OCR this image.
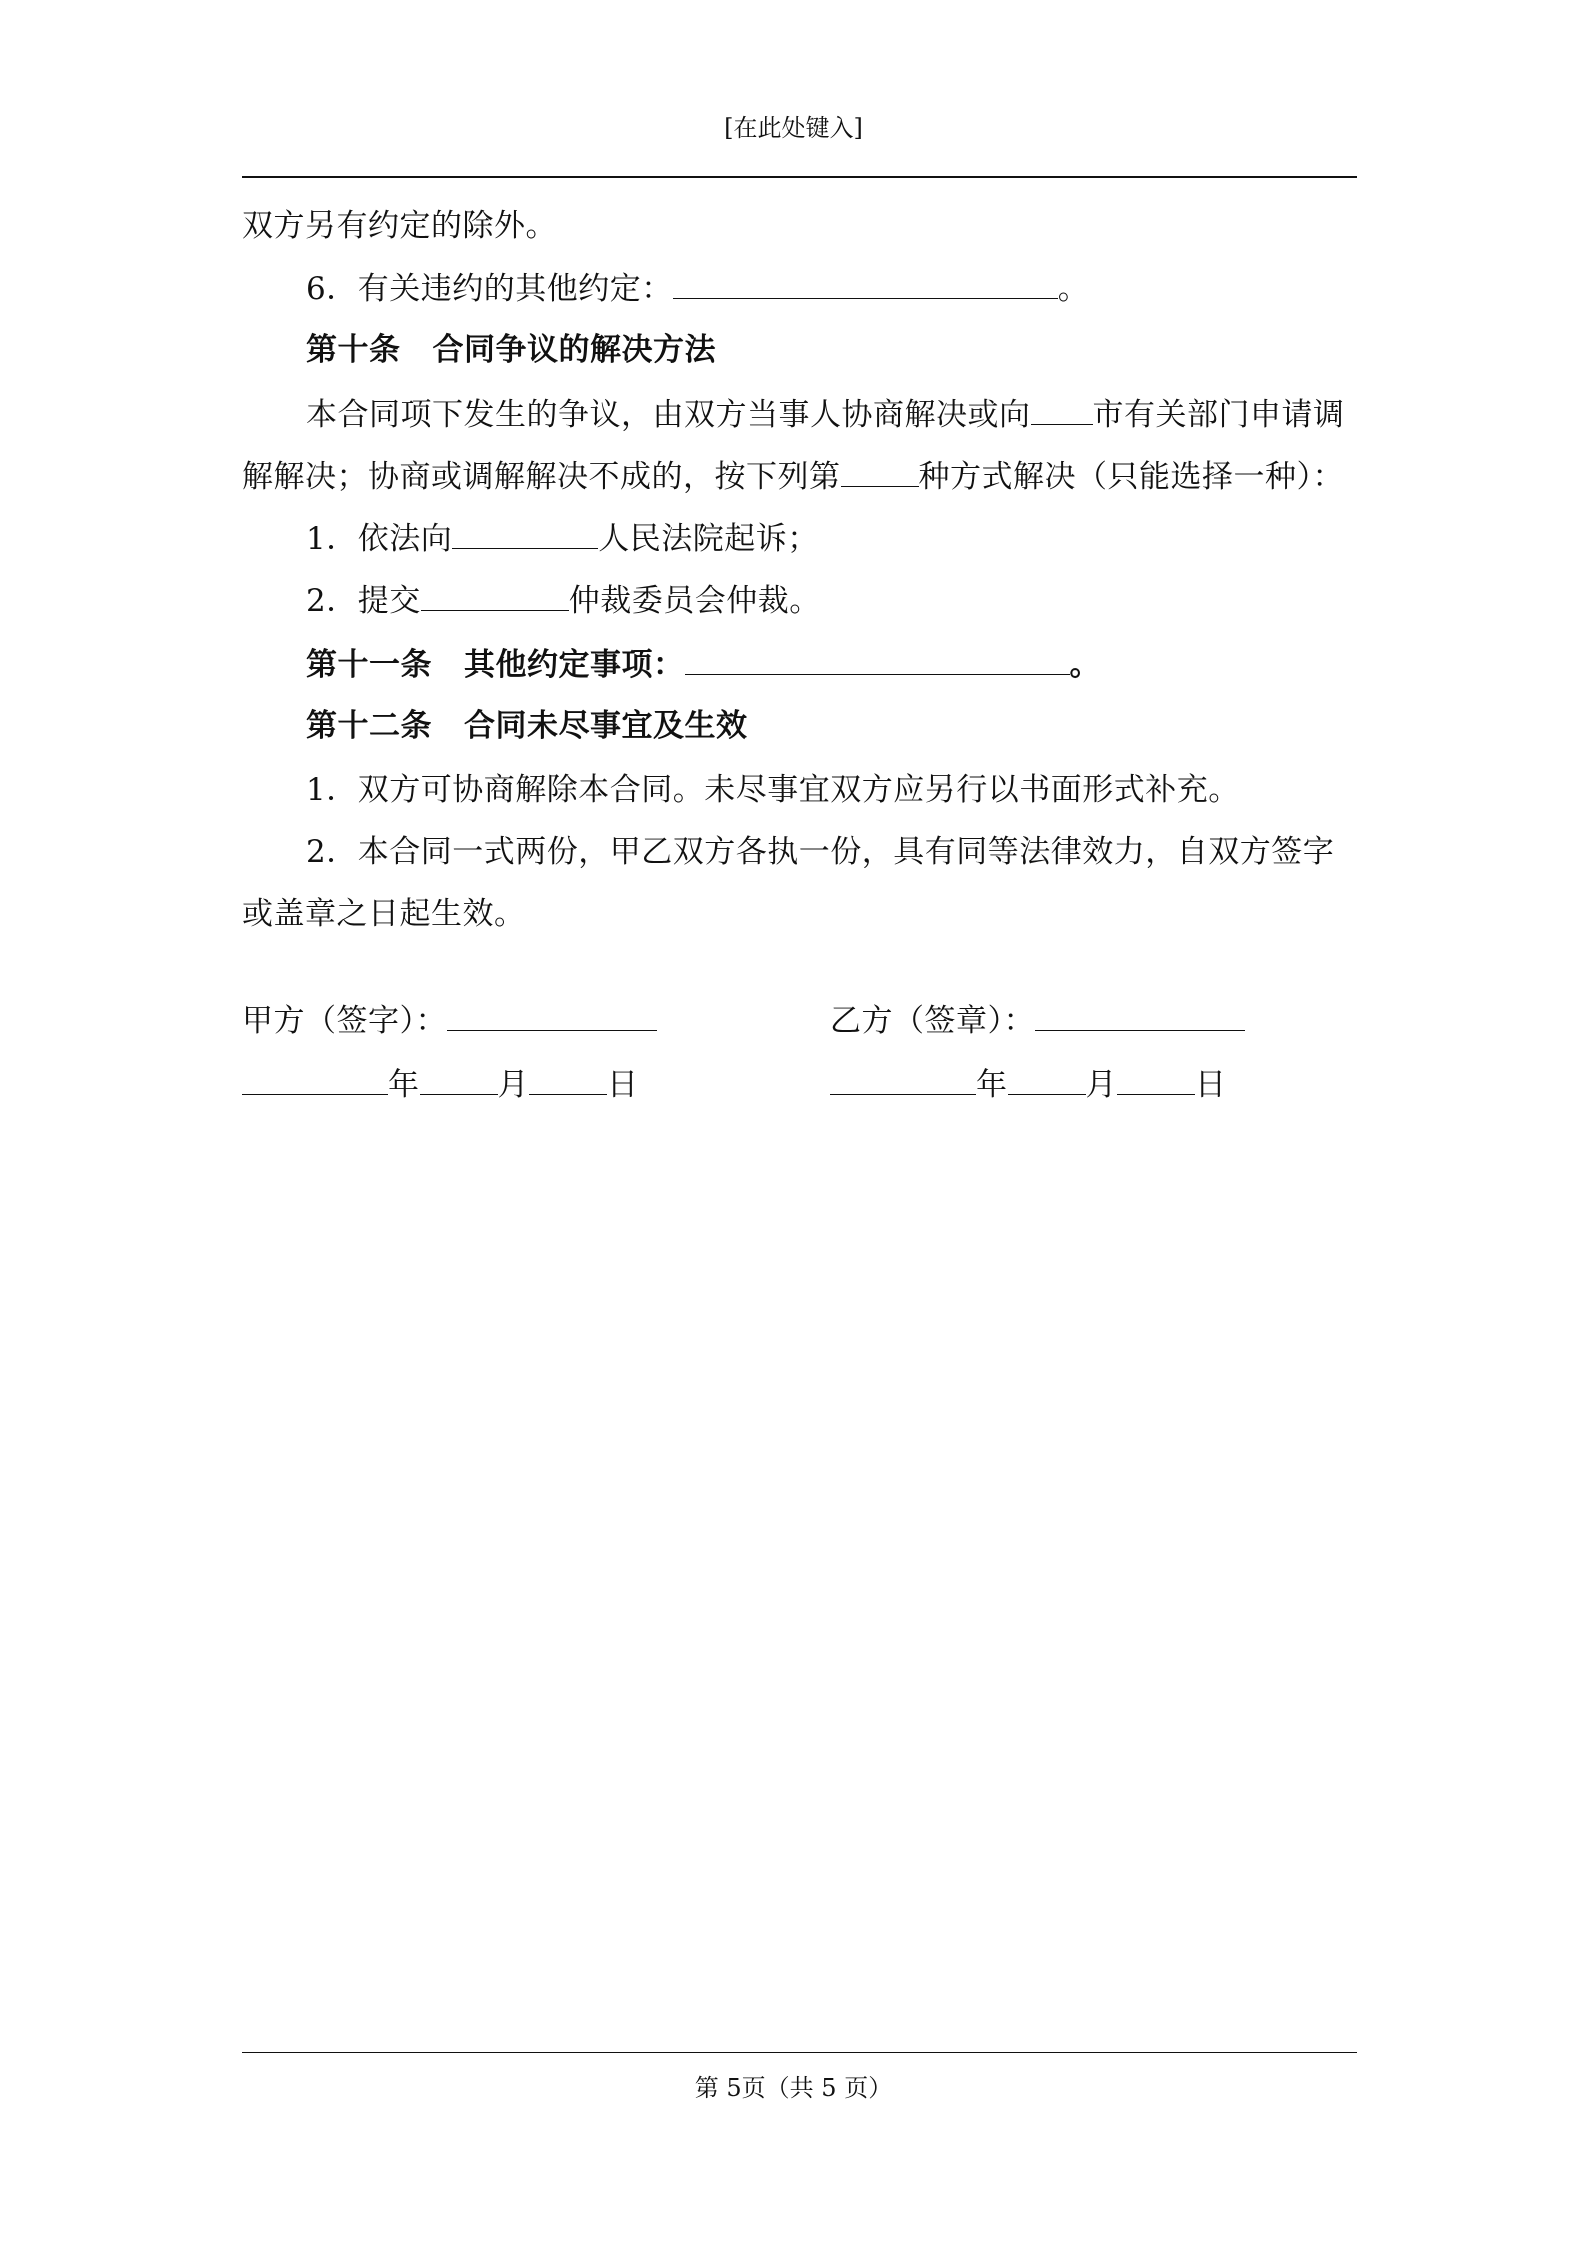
[在此处键入]
双方另有约定的除外。
6．有关违约的其他约定：	。
第十条 合同争议的解决方法
本合同项下发生的争议，由双方当事人协商解决或向 市有关部门申请调
解解决；协商或调解解决不成的，按下列第	种方式解决（只能选择一种）：
1．依法向	人民法院起诉；
2．提交	仲裁委员会仲裁。
第十一条 其他约定事项：	。
第十二条 合同未尽事宜及生效
1．双方可协商解除本合同。未尽事宜双方应另行以书面形式补充。
2．本合同一式两份，甲乙双方各执一份，具有同等法律效力，自双方签字
或盖章之日起生效。
甲方（签字）：	乙方（签章）：
年	月	日	年	月	日
第 5页（共 5 页）
